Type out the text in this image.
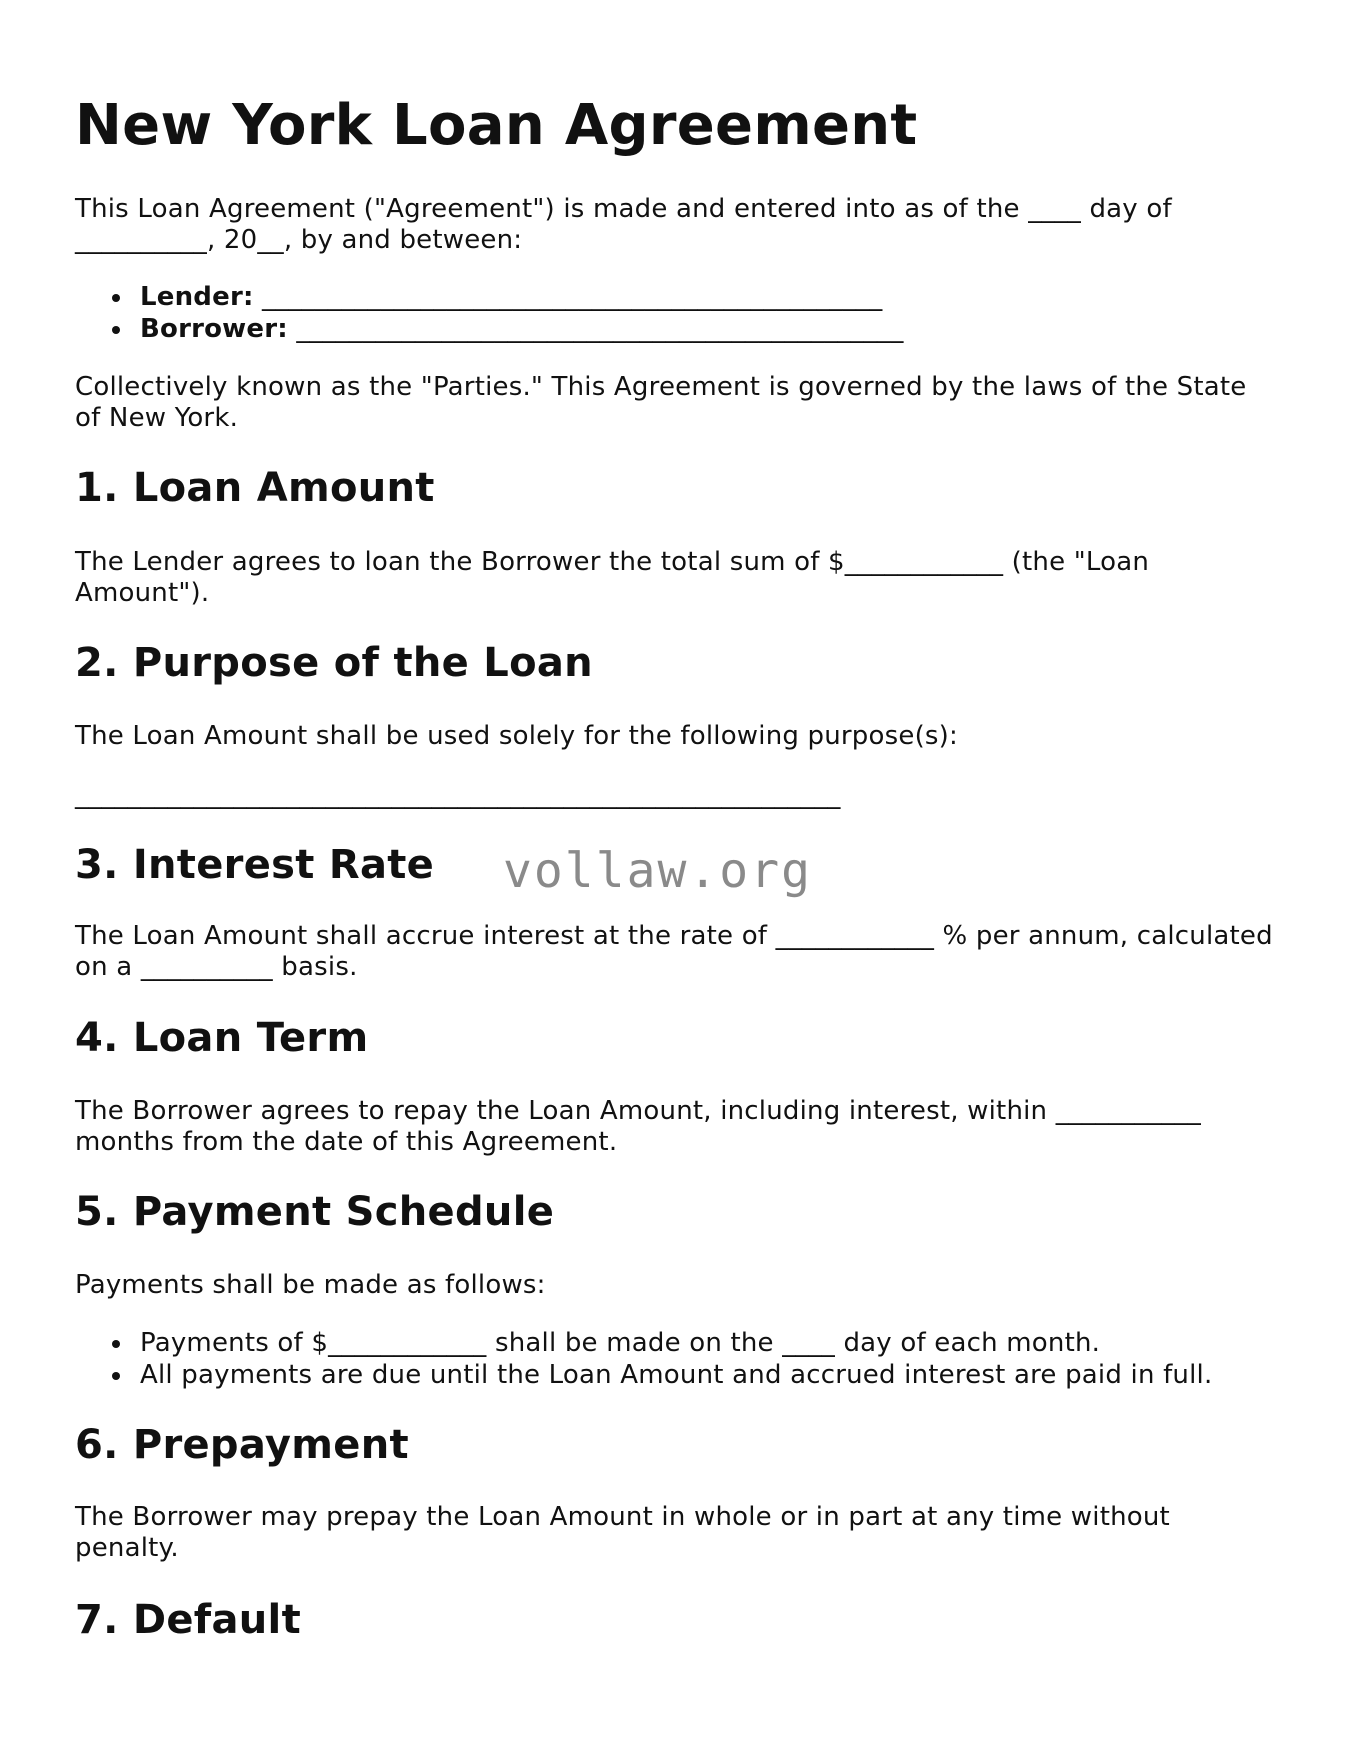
New York Loan Agreement

This Loan Agreement ("Agreement") is made and entered into as of the ____ day of __________, 20__, by and between:

Lender: _______________________________________________
Borrower: ______________________________________________

Collectively known as the "Parties." This Agreement is governed by the laws of the State of New York.

1. Loan Amount

The Lender agrees to loan the Borrower the total sum of $____________ (the "Loan Amount").

2. Purpose of the Loan

The Loan Amount shall be used solely for the following purpose(s):

__________________________________________________________

3. Interest Rate

The Loan Amount shall accrue interest at the rate of ____________ % per annum, calculated on a __________ basis.

4. Loan Term

The Borrower agrees to repay the Loan Amount, including interest, within ___________ months from the date of this Agreement.

5. Payment Schedule

Payments shall be made as follows:

Payments of $____________ shall be made on the ____ day of each month.
All payments are due until the Loan Amount and accrued interest are paid in full.
6. Prepayment

The Borrower may prepay the Loan Amount in whole or in part at any time without penalty.

7. Default
vollaw.org
